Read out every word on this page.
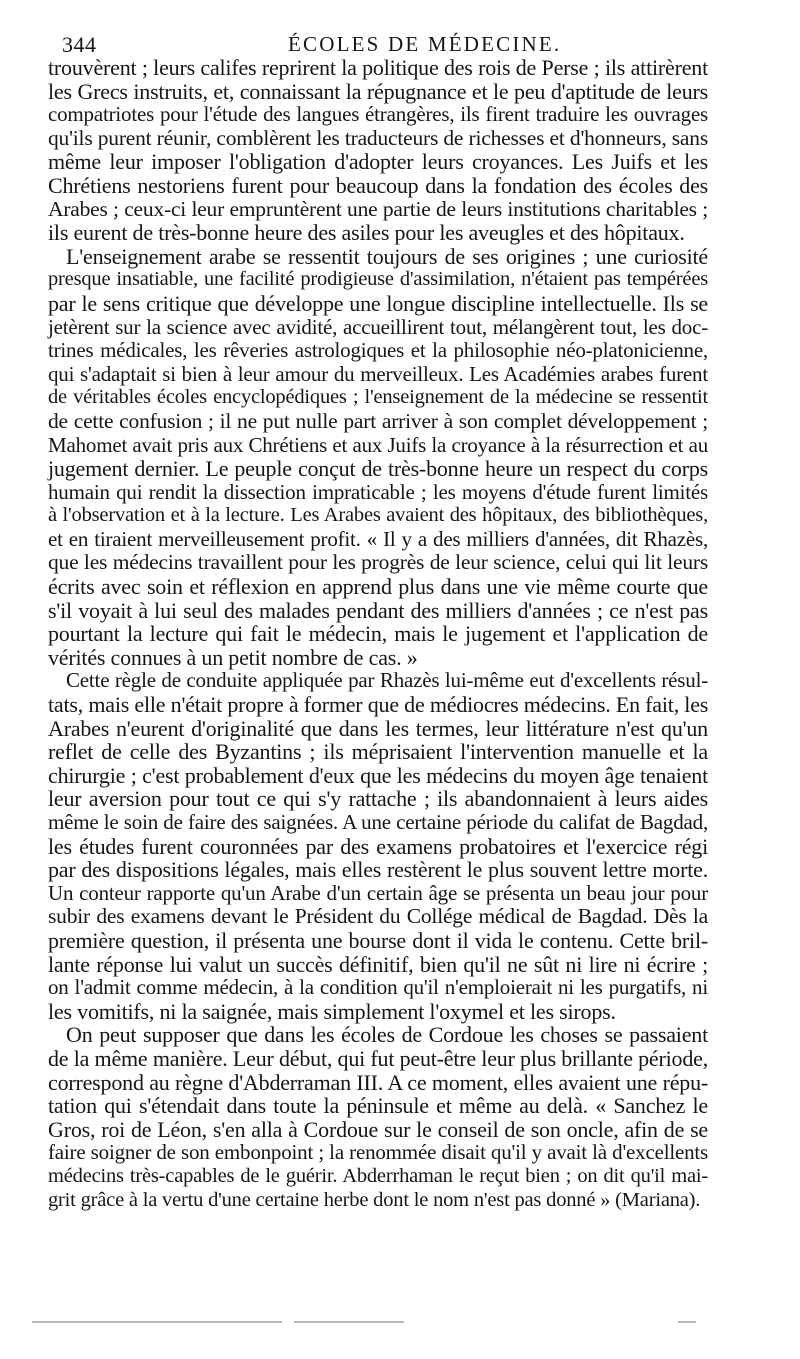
344	ÉCOLES DE MÉDECINE.
trouvèrent ; leurs califes reprirent la politique des rois de Perse ; ils attirèrent
les Grecs instruits, et, connaissant la répugnance et le peu d'aptitude de leurs
compatriotes pour l'étude des langues étrangères, ils firent traduire les ouvrages
qu'ils purent réunir, comblèrent les traducteurs de richesses et d'honneurs, sans
même leur imposer l'obligation d'adopter leurs croyances. Les Juifs et les
Chrétiens nestoriens furent pour beaucoup dans la fondation des écoles des
Arabes ; ceux-ci leur empruntèrent une partie de leurs institutions charitables ;
ils eurent de très-bonne heure des asiles pour les aveugles et des hôpitaux.
L'enseignement arabe se ressentit toujours de ses origines ; une curiosité
presque insatiable, une facilité prodigieuse d'assimilation, n'étaient pas tempérées
par le sens critique que développe une longue discipline intellectuelle. Ils se
jetèrent sur la science avec avidité, accueillirent tout, mélangèrent tout, les doc-
trines médicales, les rêveries astrologiques et la philosophie néo-platonicienne,
qui s'adaptait si bien à leur amour du merveilleux. Les Académies arabes furent
de véritables écoles encyclopédiques ; l'enseignement de la médecine se ressentit
de cette confusion ; il ne put nulle part arriver à son complet développement ;
Mahomet avait pris aux Chrétiens et aux Juifs la croyance à la résurrection et au
jugement dernier. Le peuple conçut de très-bonne heure un respect du corps
humain qui rendit la dissection impraticable ; les moyens d'étude furent limités
à l'observation et à la lecture. Les Arabes avaient des hôpitaux, des bibliothèques,
et en tiraient merveilleusement profit. « Il y a des milliers d'années, dit Rhazès,
que les médecins travaillent pour les progrès de leur science, celui qui lit leurs
écrits avec soin et réflexion en apprend plus dans une vie même courte que
s'il voyait à lui seul des malades pendant des milliers d'années ; ce n'est pas
pourtant la lecture qui fait le médecin, mais le jugement et l'application de
vérités connues à un petit nombre de cas. »
Cette règle de conduite appliquée par Rhazès lui-même eut d'excellents résul-
tats, mais elle n'était propre à former que de médiocres médecins. En fait, les
Arabes n'eurent d'originalité que dans les termes, leur littérature n'est qu'un
reflet de celle des Byzantins ; ils méprisaient l'intervention manuelle et la
chirurgie ; c'est probablement d'eux que les médecins du moyen âge tenaient
leur aversion pour tout ce qui s'y rattache ; ils abandonnaient à leurs aides
même le soin de faire des saignées. A une certaine période du califat de Bagdad,
les études furent couronnées par des examens probatoires et l'exercice régi
par des dispositions légales, mais elles restèrent le plus souvent lettre morte.
Un conteur rapporte qu'un Arabe d'un certain âge se présenta un beau jour pour
subir des examens devant le Président du Collége médical de Bagdad. Dès la
première question, il présenta une bourse dont il vida le contenu. Cette bril-
lante réponse lui valut un succès définitif, bien qu'il ne sût ni lire ni écrire ;
on l'admit comme médecin, à la condition qu'il n'emploierait ni les purgatifs, ni
les vomitifs, ni la saignée, mais simplement l'oxymel et les sirops.
On peut supposer que dans les écoles de Cordoue les choses se passaient
de la même manière. Leur début, qui fut peut-être leur plus brillante période,
correspond au règne d'Abderraman III. A ce moment, elles avaient une répu-
tation qui s'étendait dans toute la péninsule et même au delà. « Sanchez le
Gros, roi de Léon, s'en alla à Cordoue sur le conseil de son oncle, afin de se
faire soigner de son embonpoint ; la renommée disait qu'il y avait là d'excellents
médecins très-capables de le guérir. Abderrhaman le reçut bien ; on dit qu'il mai-
grit grâce à la vertu d'une certaine herbe dont le nom n'est pas donné » (Mariana).
